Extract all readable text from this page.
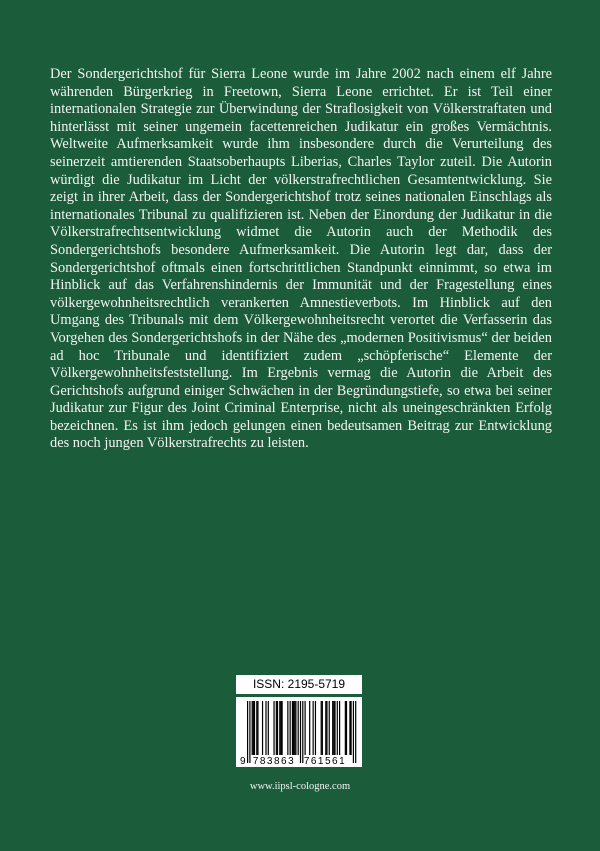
Der Sondergerichtshof für Sierra Leone wurde im Jahre 2002 nach einem elf Jahre währenden Bürgerkrieg in Freetown, Sierra Leone errichtet. Er ist Teil einer internationalen Strategie zur Überwindung der Straflosigkeit von Völkerstraftaten und hinterlässt mit seiner ungemein facettenreichen Judikatur ein großes Vermächtnis. Weltweite Aufmerksamkeit wurde ihm insbesondere durch die Verurteilung des seinerzeit amtierenden Staatsoberhaupts Liberias, Charles Taylor zuteil. Die Autorin würdigt die Judikatur im Licht der völkerstrafrechtlichen Gesamtentwicklung. Sie zeigt in ihrer Arbeit, dass der Sondergerichtshof trotz seines nationalen Einschlags als internationales Tribunal zu qualifizieren ist. Neben der Einordung der Judikatur in die Völkerstrafrechtsentwicklung widmet die Autorin auch der Methodik des Sondergerichtshofs besondere Aufmerksamkeit. Die Autorin legt dar, dass der Sondergerichtshof oftmals einen fortschrittlichen Standpunkt einnimmt, so etwa im Hinblick auf das Verfahrenshindernis der Immunität und der Fragestellung eines völkergewohnheitsrechtlich verankerten Amnestieverbots. Im Hinblick auf den Umgang des Tribunals mit dem Völkergewohnheitsrecht verortet die Verfasserin das Vorgehen des Sondergerichtshofs in der Nähe des „modernen Positivismus“ der beiden ad hoc Tribunale und identifiziert zudem „schöpferische“ Elemente der Völkergewohnheitsfeststellung. Im Ergebnis vermag die Autorin die Arbeit des Gerichtshofs aufgrund einiger Schwächen in der Begründungstiefe, so etwa bei seiner Judikatur zur Figur des Joint Criminal Enterprise, nicht als uneingeschränkten Erfolg bezeichnen. Es ist ihm jedoch gelungen einen bedeutsamen Beitrag zur Entwicklung des noch jungen Völkerstrafrechts zu leisten.

ISSN: 2195-5719
9 783863 761561
www.iipsl-cologne.com
